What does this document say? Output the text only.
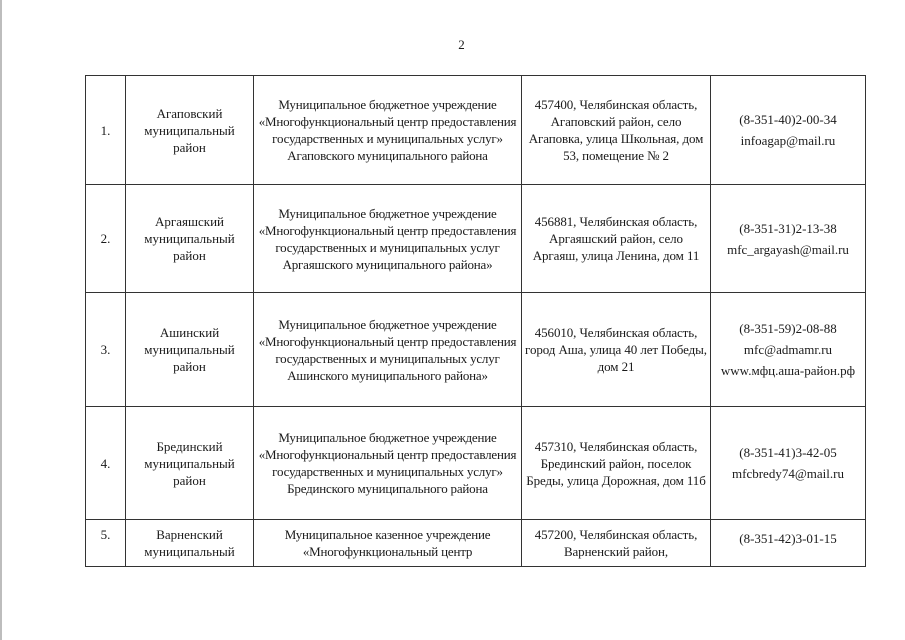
2
1.	Агаповский муниципальный район	Муниципальное бюджетное учреждение «Многофункциональный центр предоставления государственных и муниципальных услуг» Агаповского муниципального района	457400, Челябинская область, Агаповский район, село Агаповка, улица Школьная, дом 53, помещение № 2	(8-351-40)2-00-34
infoagap@mail.ru

2.	Аргаяшский муниципальный район	Муниципальное бюджетное учреждение «Многофункциональный центр предоставления государственных и муниципальных услуг Аргаяшского муниципального района»	456881, Челябинская область, Аргаяшский район, село Аргаяш, улица Ленина, дом 11	(8-351-31)2-13-38
mfc_argayash@mail.ru

3.	Ашинский муниципальный район	Муниципальное бюджетное учреждение «Многофункциональный центр предоставления государственных и муниципальных услуг Ашинского муниципального района»	456010, Челябинская область, город Аша, улица 40 лет Победы, дом 21	(8-351-59)2-08-88
mfc@admamr.ru
www.мфц.аша-район.рф

4.	Брединский муниципальный район	Муниципальное бюджетное учреждение «Многофункциональный центр предоставления государственных и муниципальных услуг» Брединского муниципального района	457310, Челябинская область, Брединский район, поселок Бреды, улица Дорожная, дом 11б	(8-351-41)3-42-05
mfcbredy74@mail.ru

5.	Варненский муниципальный	Муниципальное казенное учреждение «Многофункциональный центр	457200, Челябинская область, Варненский район,	(8-351-42)3-01-15
